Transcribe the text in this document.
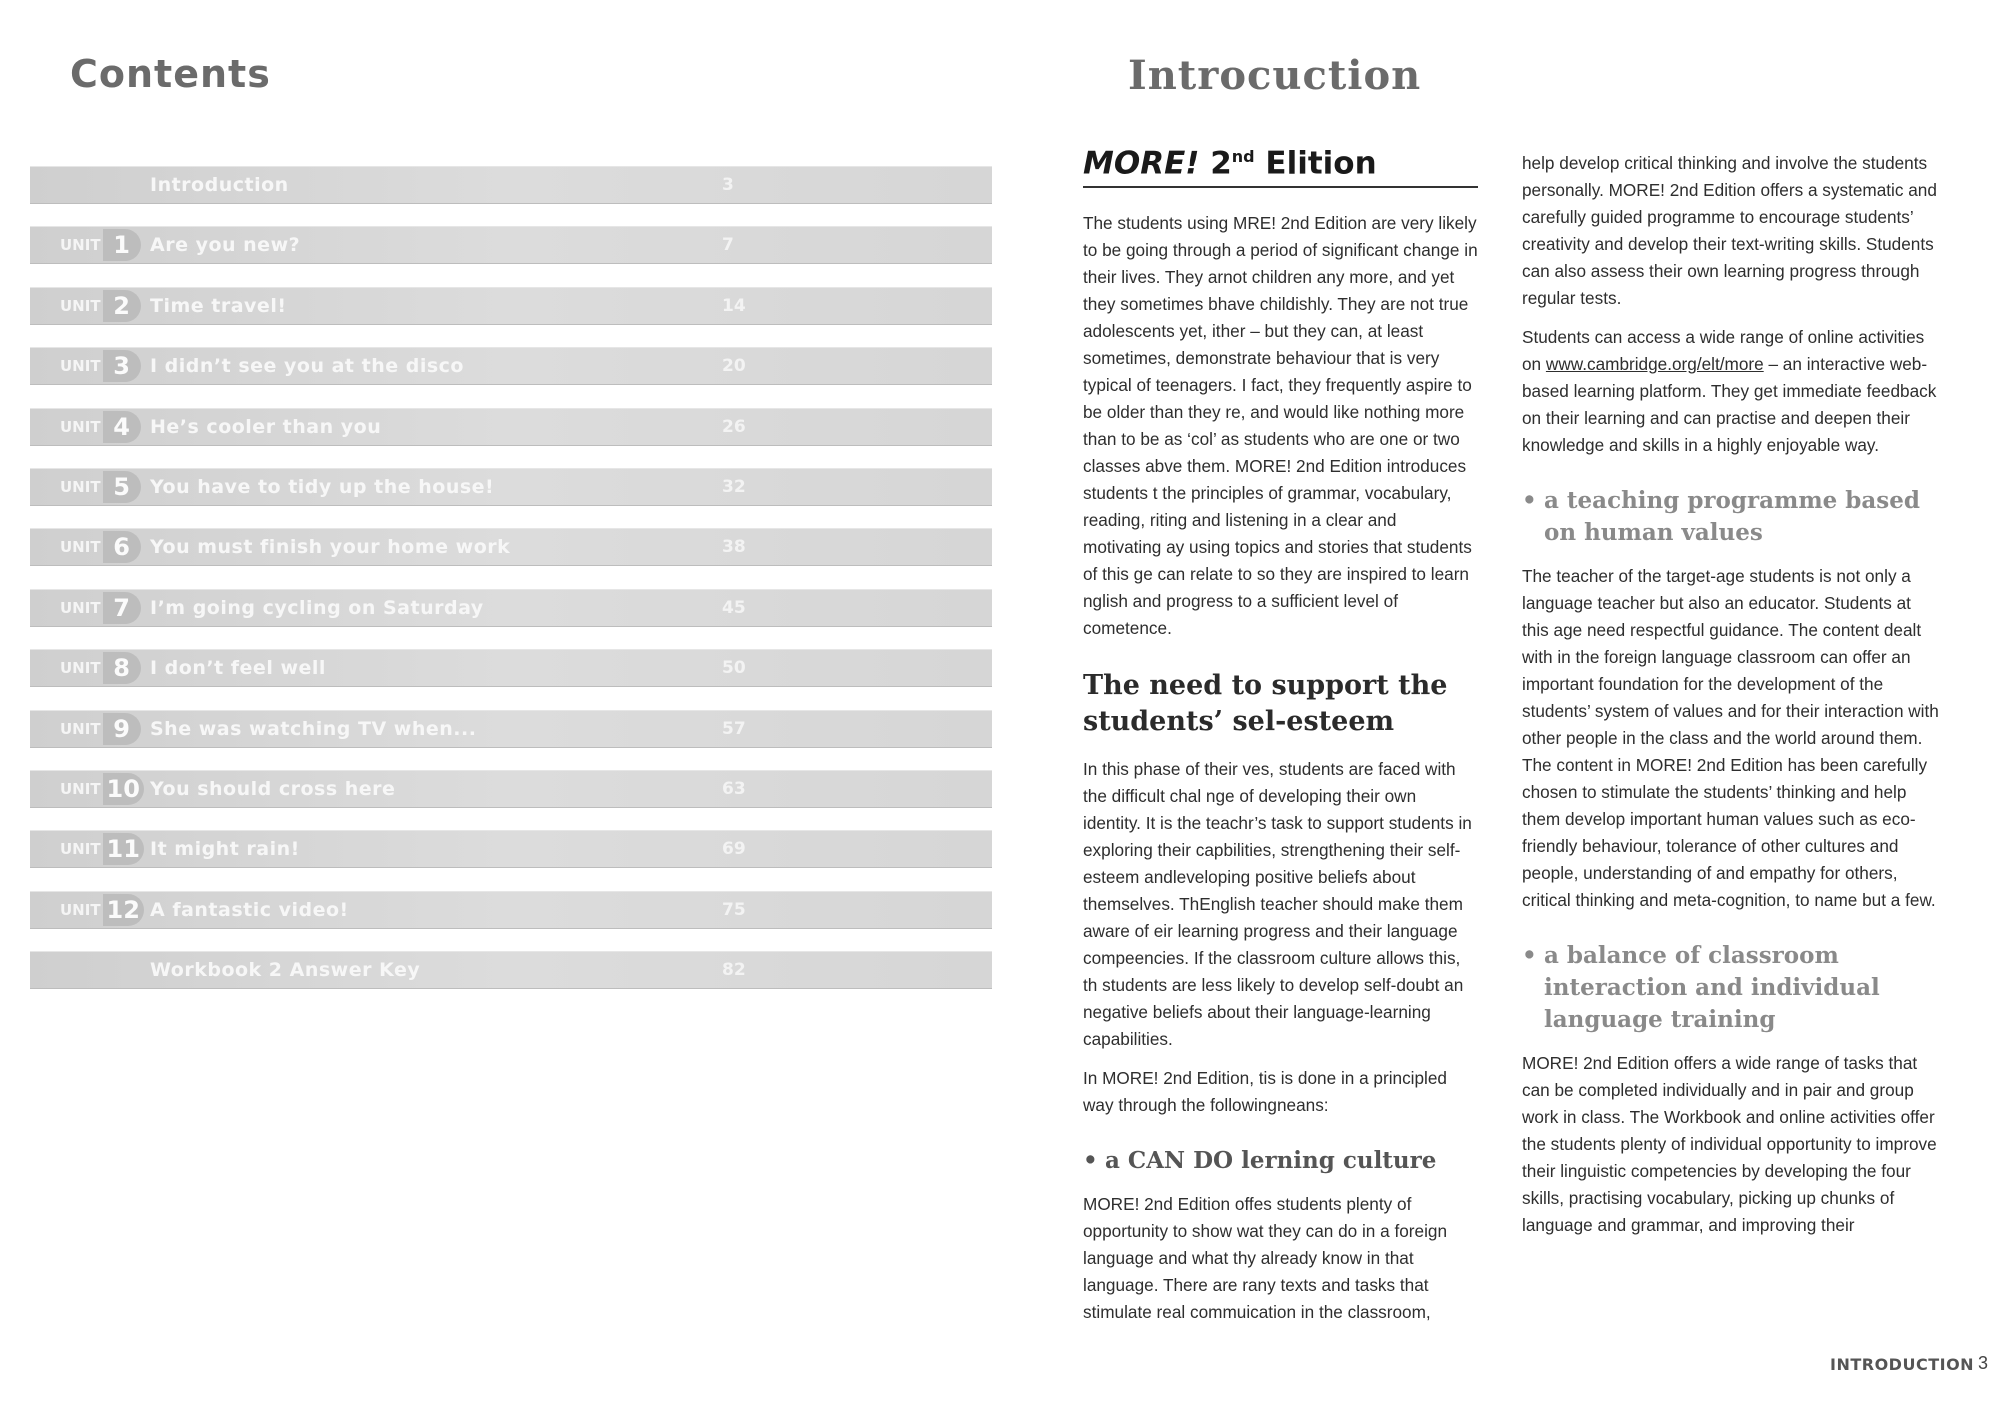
Contents
Introduction	3
UNIT 1	Are you new?	7
UNIT 2	Time travel!	14
UNIT 3	I didn’t see you at the disco	20
UNIT 4	He’s cooler than you	26
UNIT 5	You have to tidy up the house!	32
UNIT 6	You must finish your home work	38
UNIT 7	I’m going cycling on Saturday	45
UNIT 8	I don’t feel well	50
UNIT 9	She was watching TV when...	57
UNIT 10 You should cross here	63
UNIT 11 It might rain!	69
UNIT 12 A fantastic video!	75
Workbook 2 Answer Key	82
Introcuction
MORE! 2nd Elition

The students using MRE! 2nd Edition are very likely to be going through a period of significant change in their lives. They arnot children any more, and yet they sometimes bhave childishly. They are not true adolescents yet, ither – but they can, at least sometimes, demonstrate behaviour that is very typical of teenagers. I fact, they frequently aspire to be older than they re, and would like nothing more than to be as ‘col’ as students who are one or two classes abve them. MORE! 2nd Edition introduces students t the principles of grammar, vocabulary, reading, riting and listening in a clear and motivating ay using topics and stories that students of this ge can relate to so they are inspired to learn nglish and progress to a sufficient level of cometence.

The need to support the students’ sel-esteem

In this phase of their ves, students are faced with the difficult chal nge of developing their own identity. It is the teachr’s task to support students in exploring their capbilities, strengthening their self-esteem andleveloping positive beliefs about themselves. ThEnglish teacher should make them aware of eir learning progress and their language compeencies. If the classroom culture allows this, th students are less likely to develop self-doubt an negative beliefs about their language-learning capabilities.

In MORE! 2nd Edition, tis is done in a principled way through the followingneans:

• a CAN DO lerning culture

MORE! 2nd Edition offes students plenty of opportunity to show wat they can do in a foreign language and what thy already know in that language. There are rany texts and tasks that stimulate real commuication in the classroom,

help develop critical thinking and involve the students personally. MORE! 2nd Edition offers a systematic and carefully guided programme to encourage students’ creativity and develop their text-writing skills. Students can also assess their own learning progress through regular tests.

Students can access a wide range of online activities on www.cambridge.org/elt/more – an interactive web-based learning platform. They get immediate feedback on their learning and can practise and deepen their knowledge and skills in a highly enjoyable way.

• a teaching programme based on human values

The teacher of the target-age students is not only a language teacher but also an educator. Students at this age need respectful guidance. The content dealt with in the foreign language classroom can offer an important foundation for the development of the students’ system of values and for their interaction with other people in the class and the world around them. The content in MORE! 2nd Edition has been carefully chosen to stimulate the students’ thinking and help them develop important human values such as eco-friendly behaviour, tolerance of other cultures and people, understanding of and empathy for others, critical thinking and meta-cognition, to name but a few.

• a balance of classroom interaction and individual language training

MORE! 2nd Edition offers a wide range of tasks that can be completed individually and in pair and group work in class. The Workbook and online activities offer the students plenty of individual opportunity to improve their linguistic competencies by developing the four skills, practising vocabulary, picking up chunks of language and grammar, and improving their

INTRODUCTION 3
